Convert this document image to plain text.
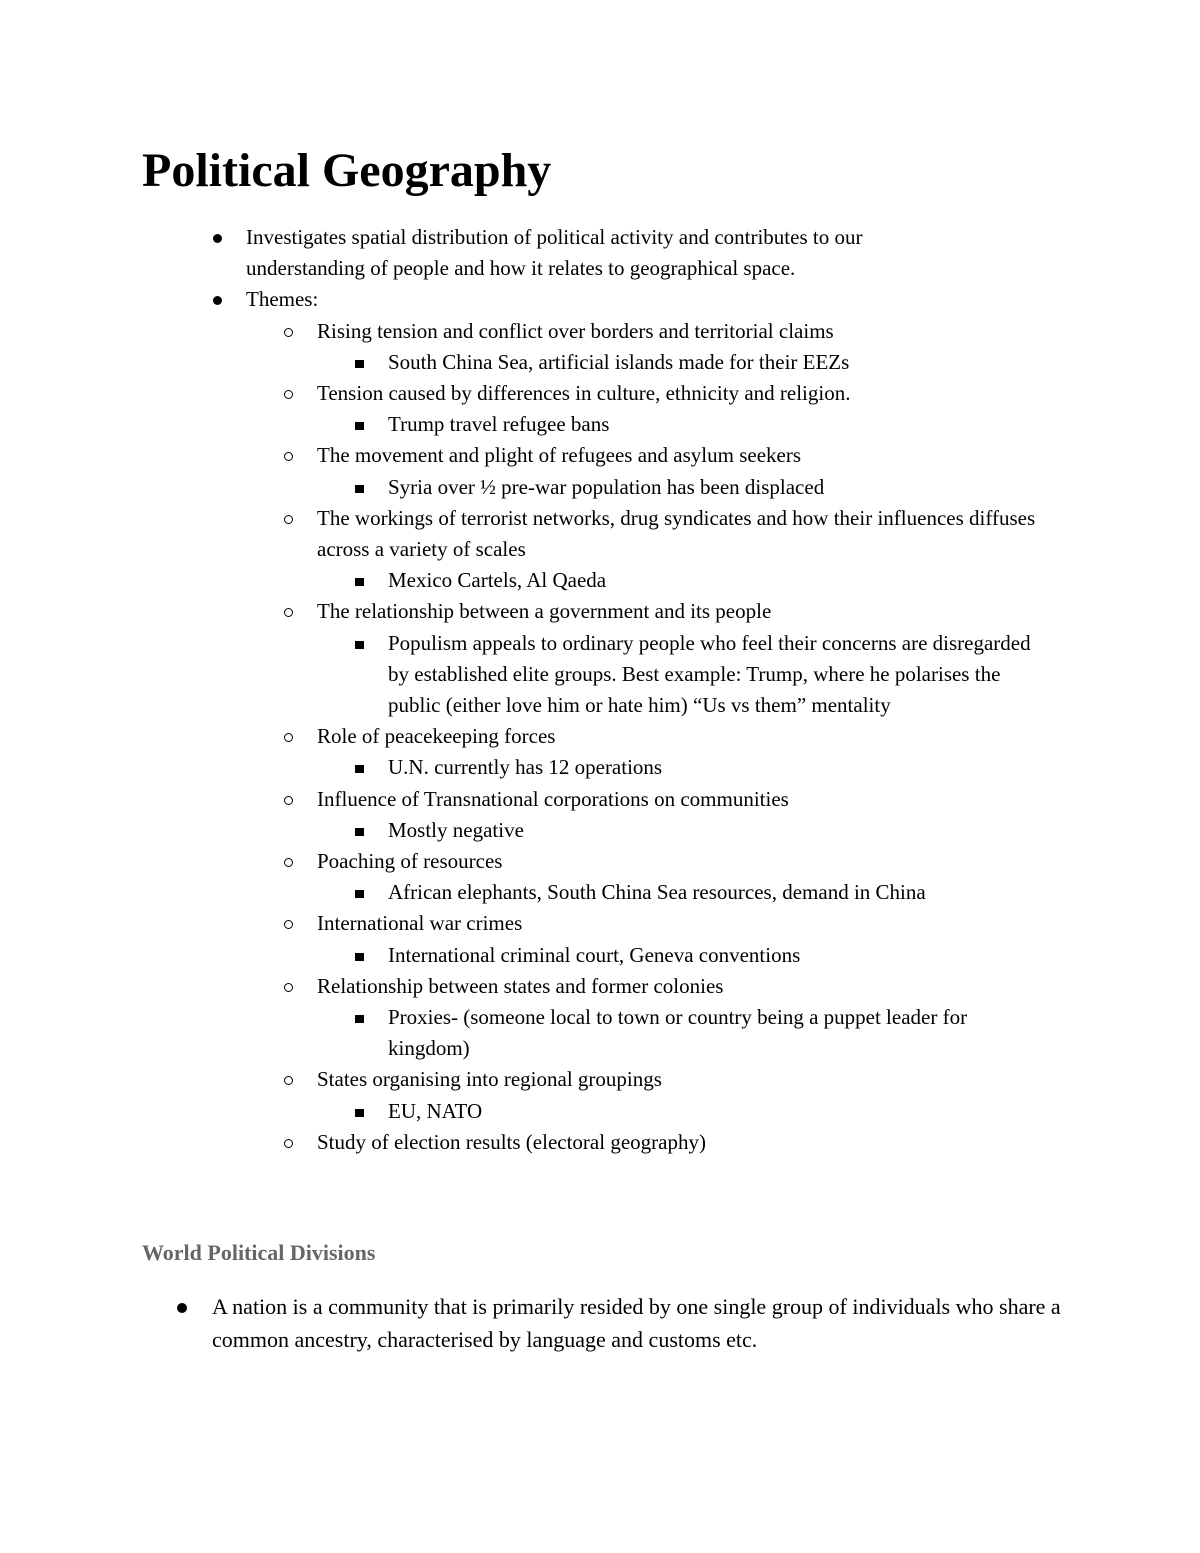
Political Geography
Investigates spatial distribution of political activity and contributes to our understanding of people and how it relates to geographical space.
Themes:
Rising tension and conflict over borders and territorial claims
South China Sea, artificial islands made for their EEZs
Tension caused by differences in culture, ethnicity and religion.
Trump travel refugee bans
The movement and plight of refugees and asylum seekers
Syria over ½ pre-war population has been displaced
The workings of terrorist networks, drug syndicates and how their influences diffuses across a variety of scales
Mexico Cartels, Al Qaeda
The relationship between a government and its people
Populism appeals to ordinary people who feel their concerns are disregarded by established elite groups. Best example: Trump, where he polarises the public (either love him or hate him) “Us vs them” mentality
Role of peacekeeping forces
U.N. currently has 12 operations
Influence of Transnational corporations on communities
Mostly negative
Poaching of resources
African elephants, South China Sea resources, demand in China
International war crimes
International criminal court, Geneva conventions
Relationship between states and former colonies
Proxies- (someone local to town or country being a puppet leader for kingdom)
States organising into regional groupings
EU, NATO
Study of election results (electoral geography)
World Political Divisions
A nation is a community that is primarily resided by one single group of individuals who share a common ancestry, characterised by language and customs etc.
